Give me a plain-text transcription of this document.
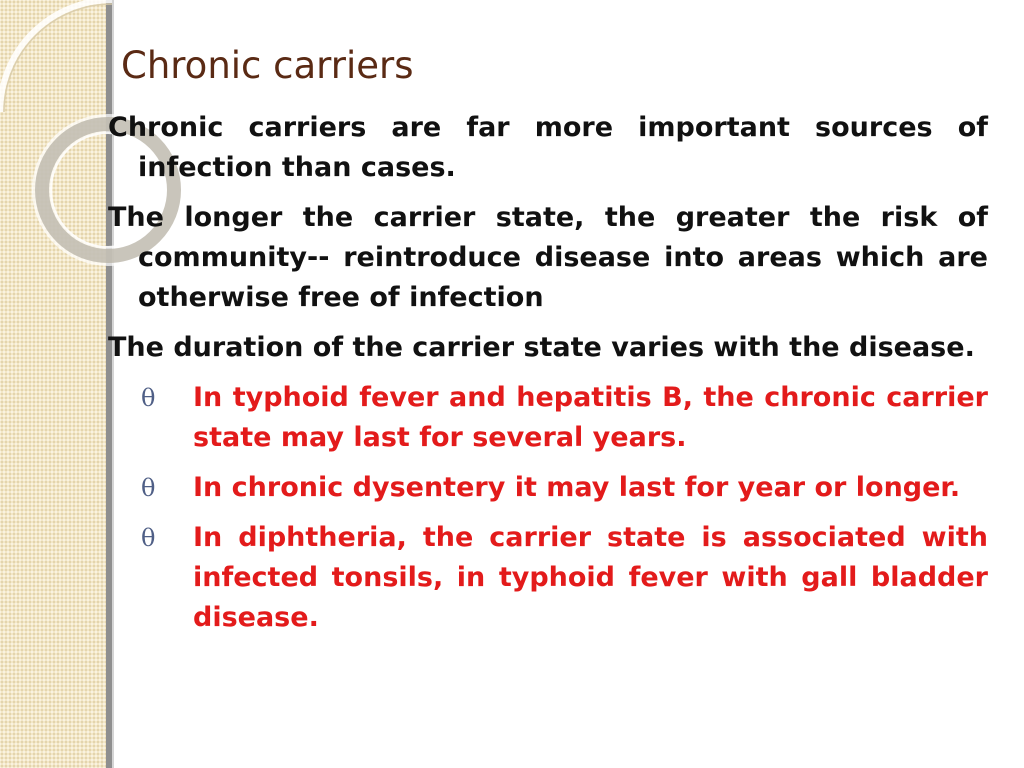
Chronic carriers

Chronic carriers are far more important sources of infection than cases.

The longer the carrier state, the greater the risk of community-- reintroduce disease into areas which are otherwise free of infection

The duration of the carrier state varies with the disease.

θ In typhoid fever and hepatitis B, the chronic carrier state may last for several years.
θ In chronic dysentery it may last for year or longer.
θ In diphtheria, the carrier state is associated with infected tonsils, in typhoid fever with gall bladder disease.
